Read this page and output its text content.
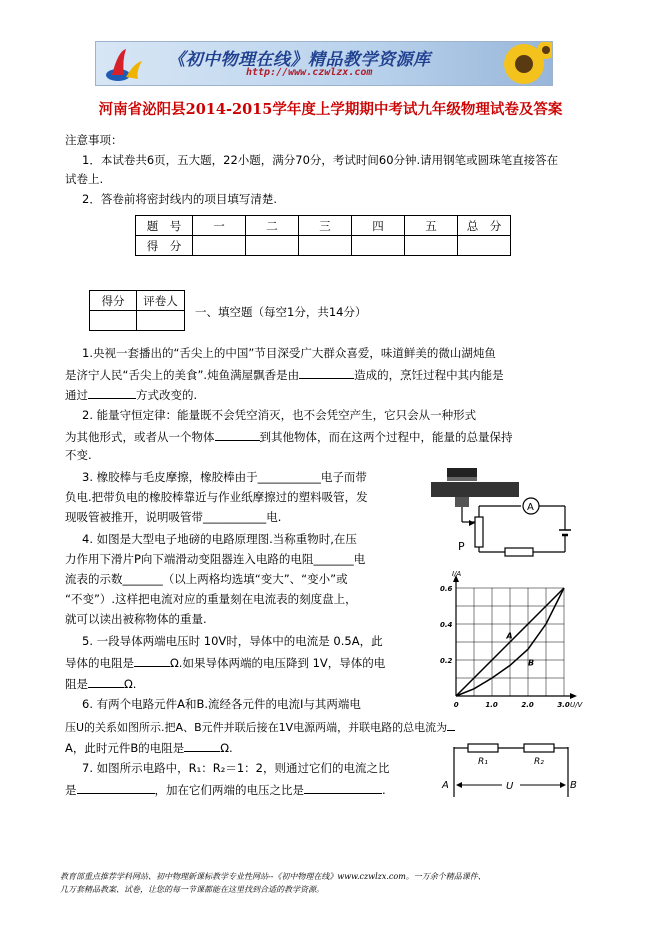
《初中物理在线》精品教学资源库
http://www.czwlzx.com
河南省泌阳县2014-2015学年度上学期期中考试九年级物理试卷及答案
注意事项：
1．本试卷共6页，五大题，22小题，满分70分，考试时间60分钟.请用钢笔或圆珠笔直接答在
试卷上.
2．答卷前将密封线内的项目填写清楚.
题　号	一	二	三	四	五	总　分
得　分						
得分	评卷人

一、填空题（每空1分，共14分）
1.央视一套播出的“舌尖上的中国”节目深受广大群众喜爱，味道鲜美的微山湖炖鱼
是济宁人民“舌尖上的美食”.炖鱼满屋飘香是由	造成的，烹饪过程中其内能是
通过	方式改变的.
2. 能量守恒定律：能量既不会凭空消灭，也不会凭空产生，它只会从一种形式
为其他形式，或者从一个物体	到其他物体，而在这两个过程中，能量的总量保持
不变.
3. 橡胶棒与毛皮摩擦，橡胶棒由于___________电子而带
负电.把带负电的橡胶棒靠近与作业纸摩擦过的塑料吸管，发
现吸管被推开，说明吸管带___________电.
4. 如图是大型电子地磅的电路原理图.当称重物时,在压
力作用下滑片P向下端滑动变阻器连入电路的电阻_______电
流表的示数_______（以上两格均选填“变大”、“变小”或
“不变”）.这样把电流对应的重量刻在电流表的刻度盘上，
就可以读出被称物体的重量.
5. 一段导体两端电压时 10V时，导体中的电流是 0.5A，此
导体的电阻是	Ω.如果导体两端的电压降到 1V，导体的电
阻是	Ω.
6. 有两个电路元件A和B.流经各元件的电流I与其两端电
压U的关系如图所示.把A、B元件并联后接在1V电源两端，并联电路的总电流为
A，此时元件B的电阻是	Ω.
7. 如图所示电路中，R₁：R₂＝1：2，则通过它们的电流之比
是	，加在它们两端的电压之比是	.
A
P
0	1.0	2.0	3.0
0.2
0.4
0.6
A
B
I/A
U/V
R₁	R₂
A	B
U
教育部重点推荐学科网站、初中物理新课标教学专业性网站--《初中物理在线》www.czwlzx.com。一万余个精品课件、
几万套精品教案、试卷，让您的每一节课都能在这里找到合适的教学资源。
